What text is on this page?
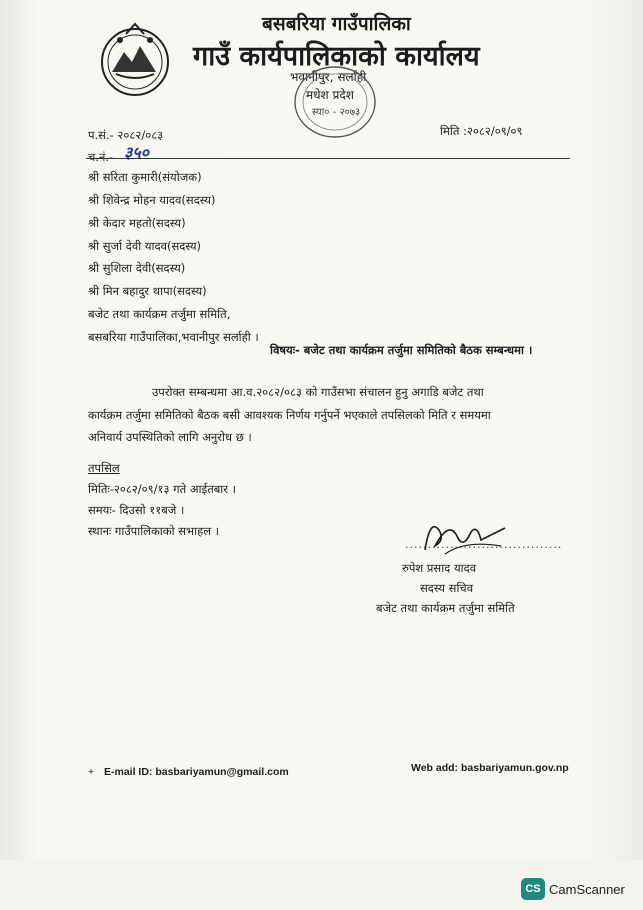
बसबरिया गाउँपालिका
गाउँ कार्यपालिकाको कार्यालय
भवानीपुर, सर्लाही
मधेश प्रदेश
स्या० - २०७३
प.सं.- २०८२/०८३	मिति :२०८२/०९/०९
च.नं.- ३५०
श्री सरिता कुमारी(संयोजक)
श्री शिवेन्द्र मोहन यादव(सदस्य)
श्री केदार महतो(सदस्य)
श्री सुर्जा देवी यादव(सदस्य)
श्री सुशिला देवी(सदस्य)
श्री मिन बहादुर थापा(सदस्य)
बजेट तथा कार्यक्रम तर्जुमा समिति,
बसबरिया गाउँपालिका,भवानीपुर सर्लाही ।
विषयः- बजेट तथा कार्यक्रम तर्जुमा समितिको बैठक सम्बन्धमा ।
उपरोक्त सम्बन्धमा आ.व.२०८२/०८३ को गाउँसभा संचालन हुनु अगाडि बजेट तथा
कार्यक्रम तर्जुमा समितिको बैठक बसी आवश्यक निर्णय गर्नुपर्ने भएकाले तपसिलको मिति र समयमा
अनिवार्य उपस्थितिको लागि अनुरोध छ ।
तपसिल
मितिः-२०८२/०९/१३ गते आईतबार ।
समयः- दिउसो ११बजे ।
स्थानः गाउँपालिकाको सभाहल ।
...................................
रुपेश प्रसाद यादव
सदस्य सचिव
बजेट तथा कार्यक्रम तर्जुमा समिति
+ E-mail ID: basbariyamun@gmail.com	Web add: basbariyamun.gov.np
CS CamScanner
